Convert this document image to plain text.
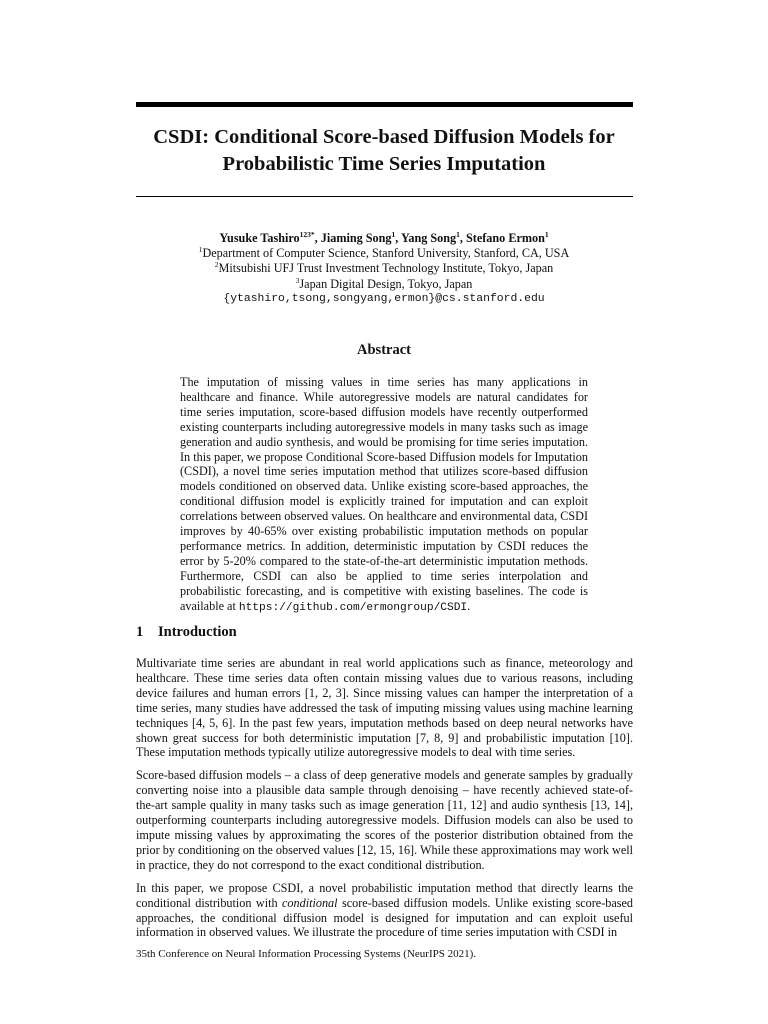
CSDI: Conditional Score-based Diffusion Models for
Probabilistic Time Series Imputation
Yusuke Tashiro$^{123*}$, Jiaming Song$^1$, Yang Song$^1$, Stefano Ermon$^1$
$^1$Department of Computer Science, Stanford University, Stanford, CA, USA
$^2$Mitsubishi UFJ Trust Investment Technology Institute, Tokyo, Japan
$^3$Japan Digital Design, Tokyo, Japan
{ytashiro,tsong,songyang,ermon}@cs.stanford.edu
Abstract

The imputation of missing values in time series has many applications in healthcare and finance. While autoregressive models are natural candidates for time series imputation, score-based diffusion models have recently outperformed existing counterparts including autoregressive models in many tasks such as image generation and audio synthesis, and would be promising for time series imputation. In this paper, we propose Conditional Score-based Diffusion models for Imputation (CSDI), a novel time series imputation method that utilizes score-based diffusion models conditioned on observed data. Unlike existing score-based approaches, the conditional diffusion model is explicitly trained for imputation and can exploit correlations between observed values. On healthcare and environmental data, CSDI improves by 40-65% over existing probabilistic imputation methods on popular performance metrics. In addition, deterministic imputation by CSDI reduces the error by 5-20% compared to the state-of-the-art deterministic imputation methods. Furthermore, CSDI can also be applied to time series interpolation and probabilistic forecasting, and is competitive with existing baselines. The code is available at https://github.com/ermongroup/CSDI.

1 Introduction

Multivariate time series are abundant in real world applications such as finance, meteorology and healthcare. These time series data often contain missing values due to various reasons, including device failures and human errors [1, 2, 3]. Since missing values can hamper the interpretation of a time series, many studies have addressed the task of imputing missing values using machine learning techniques [4, 5, 6]. In the past few years, imputation methods based on deep neural networks have shown great success for both deterministic imputation [7, 8, 9] and probabilistic imputation [10]. These imputation methods typically utilize autoregressive models to deal with time series.

Score-based diffusion models – a class of deep generative models and generate samples by gradually converting noise into a plausible data sample through denoising – have recently achieved state-of-the-art sample quality in many tasks such as image generation [11, 12] and audio synthesis [13, 14], outperforming counterparts including autoregressive models. Diffusion models can also be used to impute missing values by approximating the scores of the posterior distribution obtained from the prior by conditioning on the observed values [12, 15, 16]. While these approximations may work well in practice, they do not correspond to the exact conditional distribution.

In this paper, we propose CSDI, a novel probabilistic imputation method that directly learns the conditional distribution with conditional score-based diffusion models. Unlike existing score-based approaches, the conditional diffusion model is designed for imputation and can exploit useful information in observed values. We illustrate the procedure of time series imputation with CSDI in

35th Conference on Neural Information Processing Systems (NeurIPS 2021).
